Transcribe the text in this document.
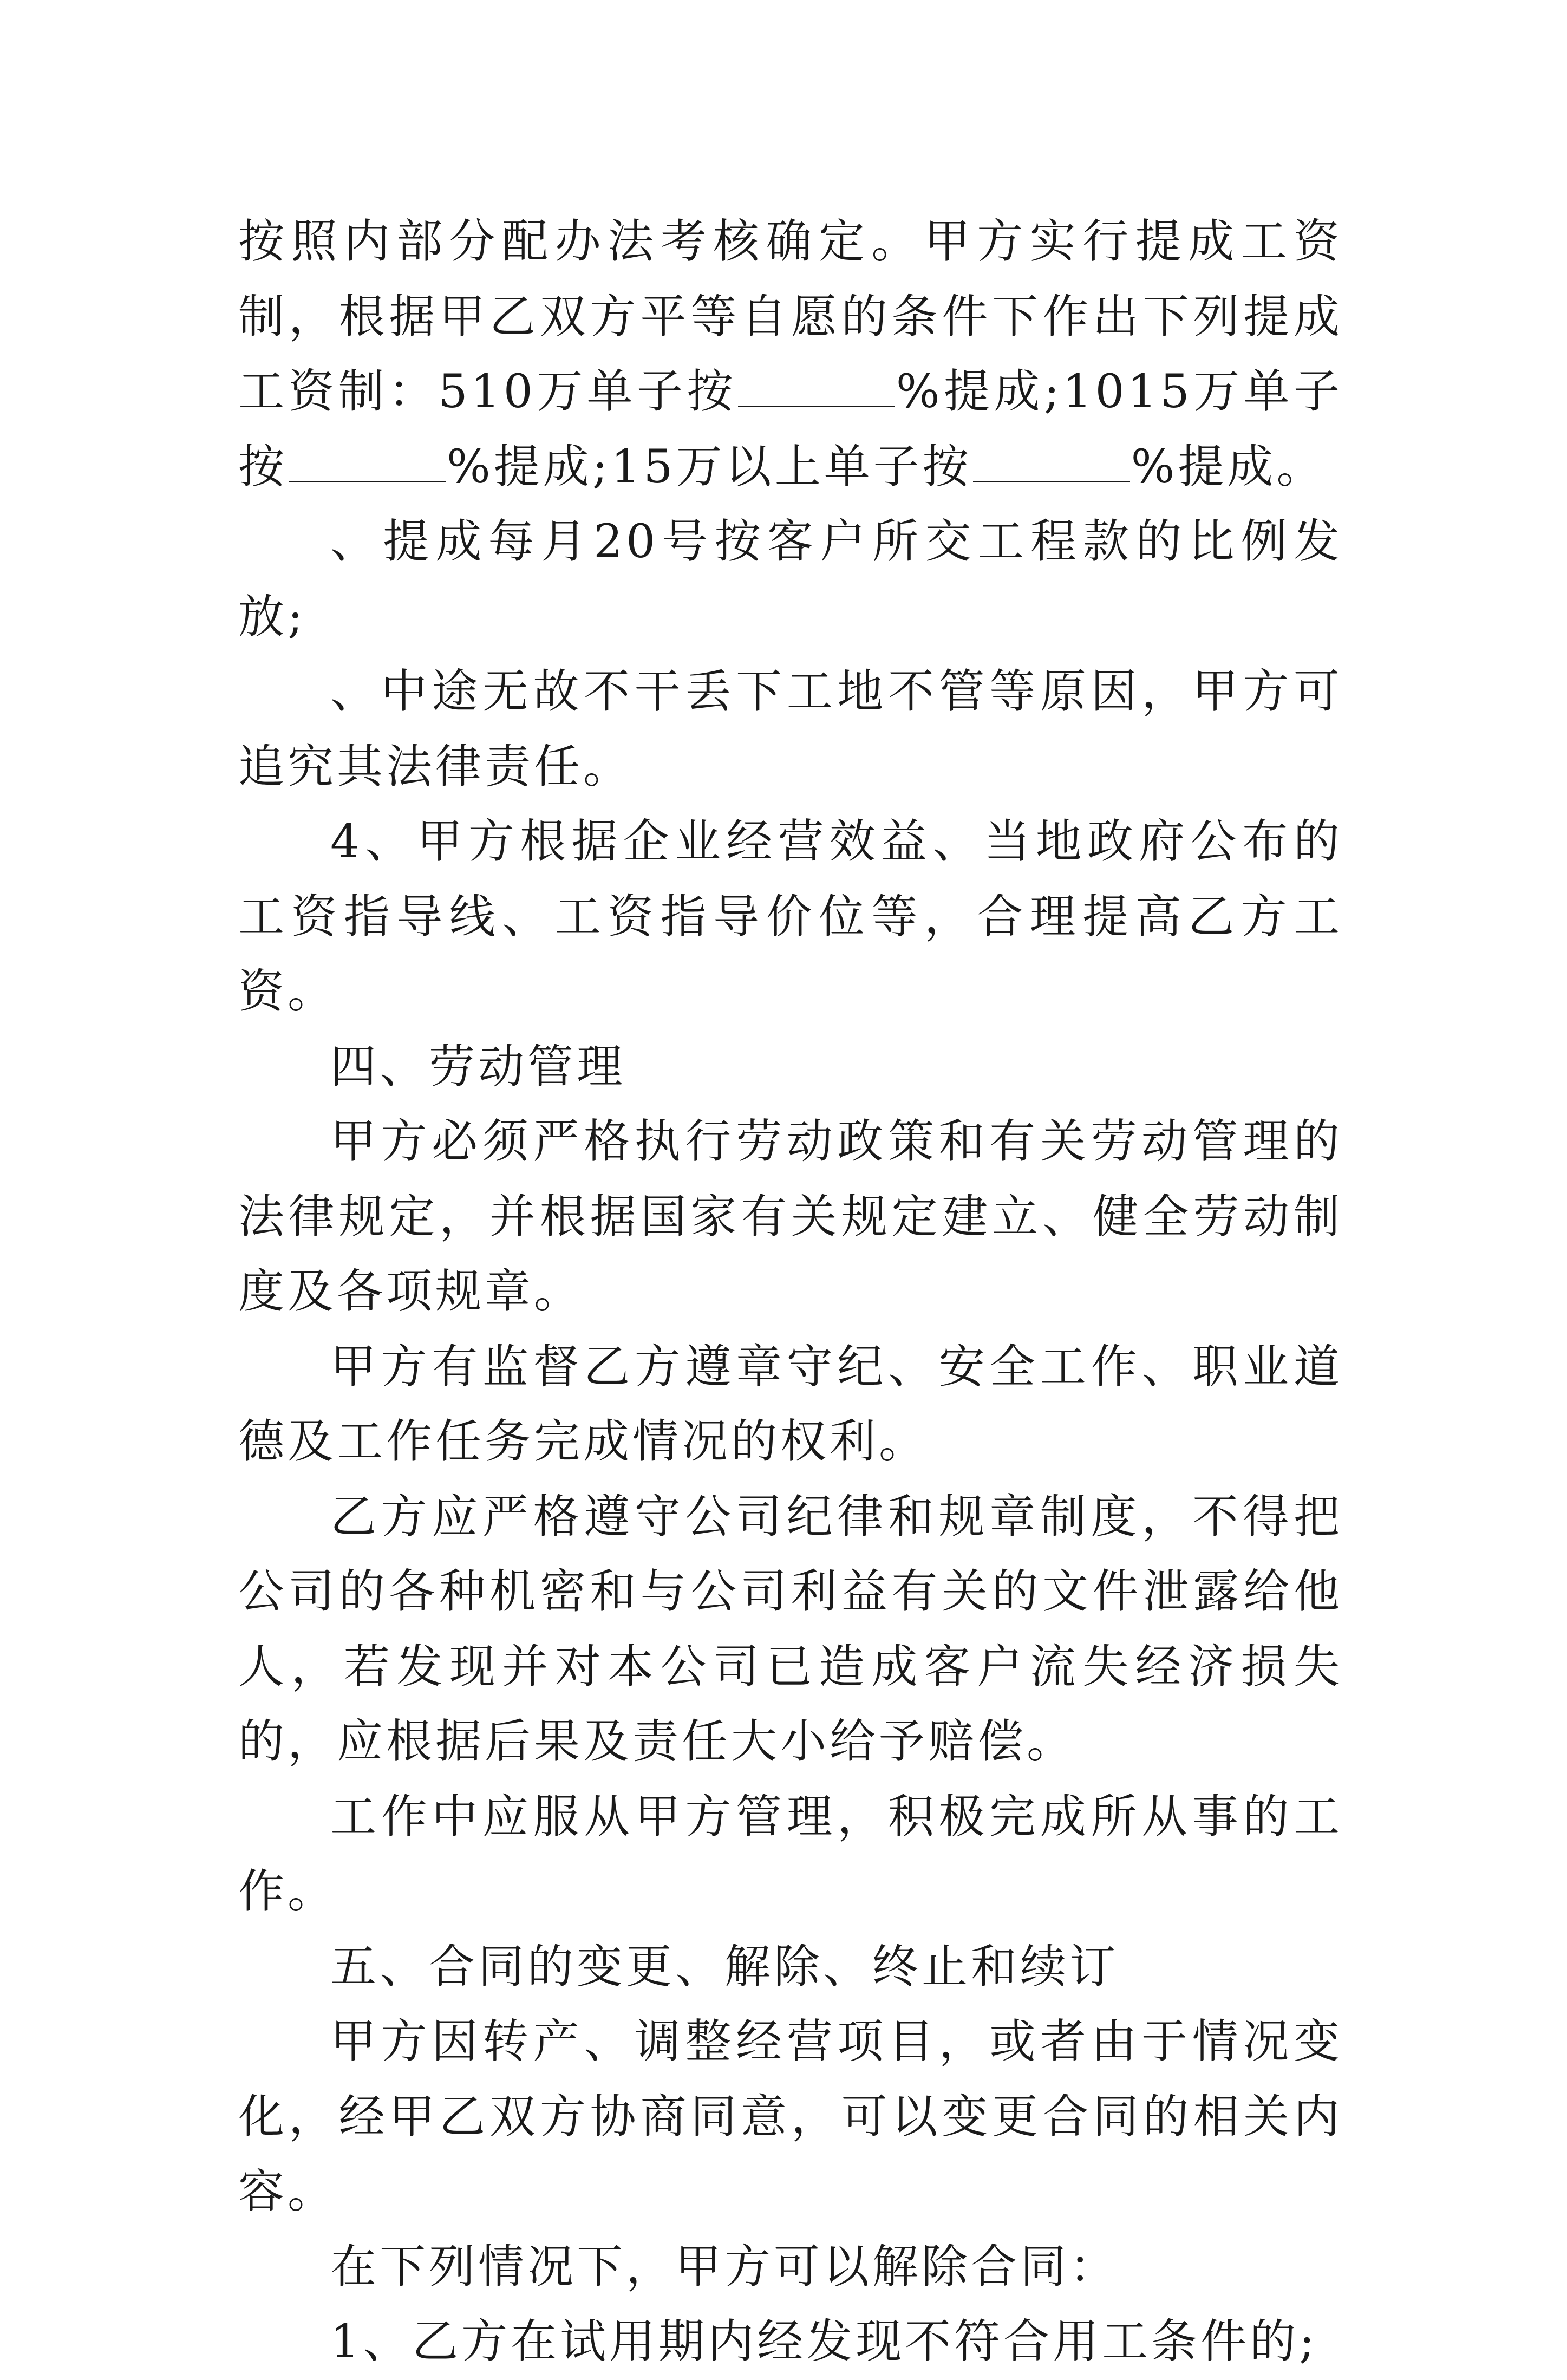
按照内部分配办法考核确定。甲方实行提成工资制，根据甲乙双方平等自愿的条件下作出下列提成工资制：510万单子按	%提成;1015万单子按	%提成;15万以上单子按	%提成。

、提成每月20号按客户所交工程款的比例发放;

、中途无故不干丢下工地不管等原因，甲方可追究其法律责任。

4、甲方根据企业经营效益、当地政府公布的工资指导线、工资指导价位等，合理提高乙方工资。

四、劳动管理

甲方必须严格执行劳动政策和有关劳动管理的法律规定，并根据国家有关规定建立、健全劳动制度及各项规章。

甲方有监督乙方遵章守纪、安全工作、职业道德及工作任务完成情况的权利。

乙方应严格遵守公司纪律和规章制度，不得把公司的各种机密和与公司利益有关的文件泄露给他人，若发现并对本公司已造成客户流失经济损失的，应根据后果及责任大小给予赔偿。

工作中应服从甲方管理，积极完成所从事的工作。

五、合同的变更、解除、终止和续订

甲方因转产、调整经营项目，或者由于情况变化，经甲乙双方协商同意，可以变更合同的相关内容。

在下列情况下，甲方可以解除合同：

1、乙方在试用期内经发现不符合用工条件的;
